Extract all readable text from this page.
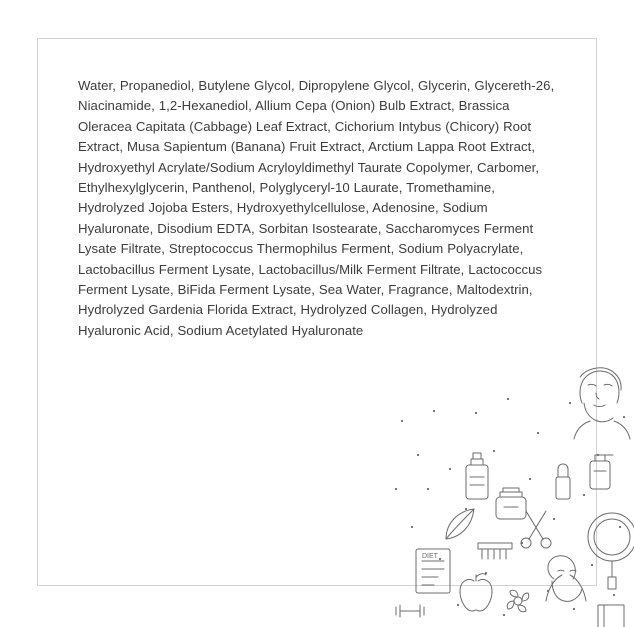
Water, Propanediol, Butylene Glycol, Dipropylene Glycol, Glycerin, Glycereth-26, Niacinamide, 1,2-Hexanediol, Allium Cepa (Onion) Bulb Extract, Brassica Oleracea Capitata (Cabbage) Leaf Extract, Cichorium Intybus (Chicory) Root Extract, Musa Sapientum (Banana) Fruit Extract, Arctium Lappa Root Extract, Hydroxyethyl Acrylate/Sodium Acryloyldimethyl Taurate Copolymer, Carbomer, Ethylhexylglycerin, Panthenol, Polyglyceryl-10 Laurate, Tromethamine, Hydrolyzed Jojoba Esters, Hydroxyethylcellulose, Adenosine, Sodium Hyaluronate, Disodium EDTA, Sorbitan Isostearate, Saccharomyces Ferment Lysate Filtrate, Streptococcus Thermophilus Ferment, Sodium Polyacrylate, Lactobacillus Ferment Lysate, Lactobacillus/Milk Ferment Filtrate, Lactococcus Ferment Lysate, BiFida Ferment Lysate, Sea Water, Fragrance, Maltodextrin, Hydrolyzed Gardenia Florida Extract, Hydrolyzed Collagen, Hydrolyzed Hyaluronic Acid, Sodium Acetylated Hyaluronate
DIET
